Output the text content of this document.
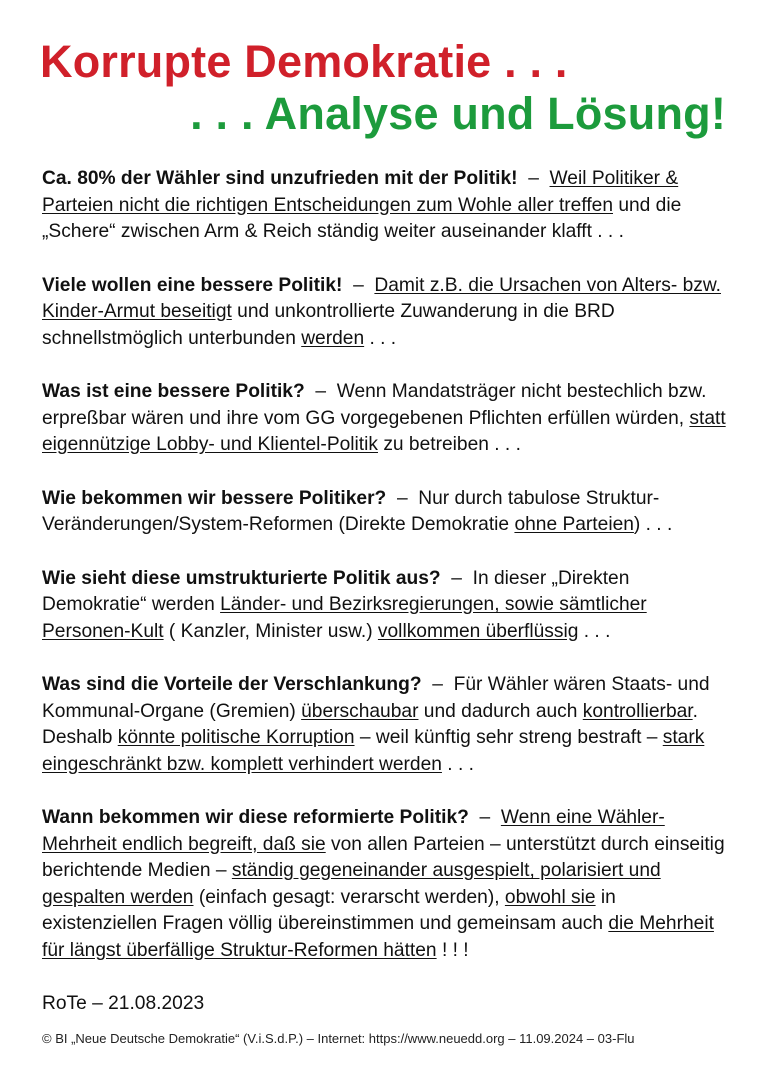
Korrupte Demokratie . . .
. . . Analyse und Lösung!

Ca. 80% der Wähler sind unzufrieden mit der Politik! – Weil Politiker & Parteien nicht die richtigen Entscheidungen zum Wohle aller treffen und die „Schere“ zwischen Arm & Reich ständig weiter auseinander klafft . . .

Viele wollen eine bessere Politik! – Damit z.B. die Ursachen von Alters- bzw. Kinder-Armut beseitigt und unkontrollierte Zuwanderung in die BRD schnellstmöglich unterbunden werden . . .

Was ist eine bessere Politik? – Wenn Mandatsträger nicht bestechlich bzw. erpreßbar wären und ihre vom GG vorgegebenen Pflichten erfüllen würden, statt eigennützige Lobby- und Klientel-Politik zu betreiben . . .

Wie bekommen wir bessere Politiker? – Nur durch tabulose Struktur-Veränderungen/System-Reformen (Direkte Demokratie ohne Parteien) . . .

Wie sieht diese umstrukturierte Politik aus? – In dieser „Direkten Demokratie“ werden Länder- und Bezirksregierungen, sowie sämtlicher Personen-Kult ( Kanzler, Minister usw.) vollkommen überflüssig . . .

Was sind die Vorteile der Verschlankung? – Für Wähler wären Staats- und Kommunal-Organe (Gremien) überschaubar und dadurch auch kontrollierbar. Deshalb könnte politische Korruption – weil künftig sehr streng bestraft – stark eingeschränkt bzw. komplett verhindert werden . . .

Wann bekommen wir diese reformierte Politik? – Wenn eine Wähler-Mehrheit endlich begreift, daß sie von allen Parteien – unterstützt durch einseitig berichtende Medien – ständig gegeneinander ausgespielt, polarisiert und gespalten werden (einfach gesagt: verarscht werden), obwohl sie in existenziellen Fragen völlig übereinstimmen und gemeinsam auch die Mehrheit für längst überfällige Struktur-Reformen hätten ! ! !

RoTe – 21.08.2023

© BI „Neue Deutsche Demokratie“ (V.i.S.d.P.) – Internet: https://www.neuedd.org – 11.09.2024 – 03-Flu
